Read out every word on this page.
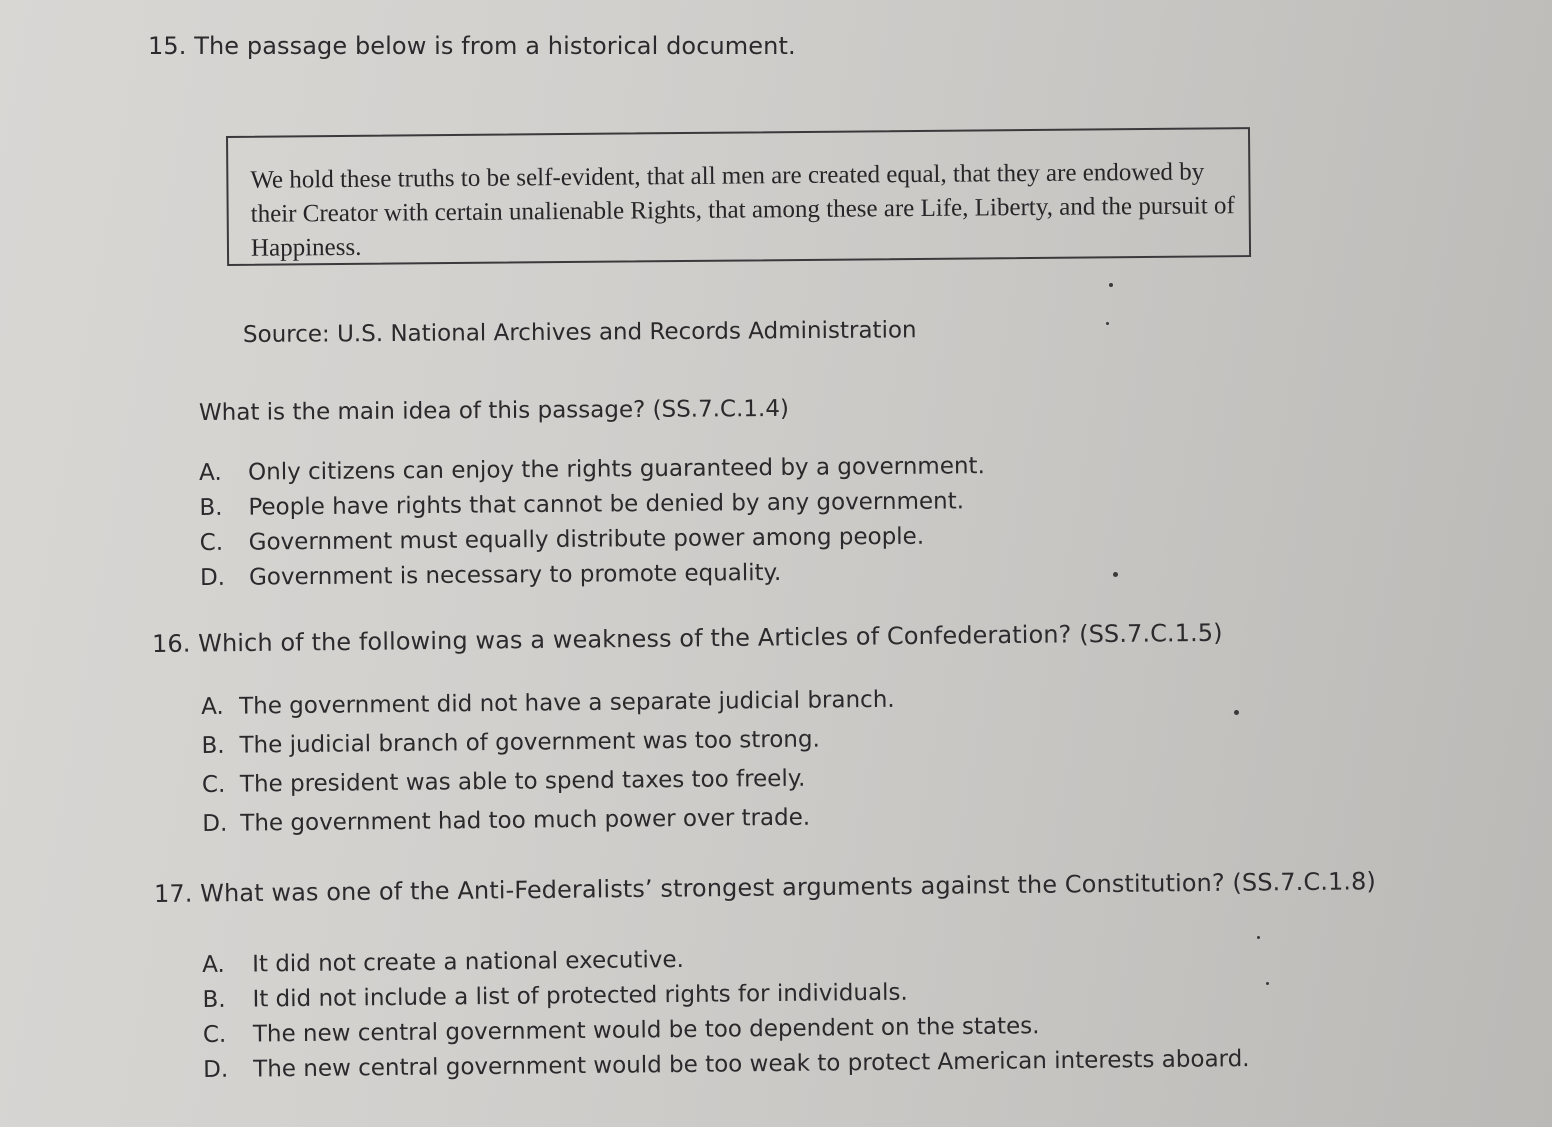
15. The passage below is from a historical document.
We hold these truths to be self-evident, that all men are created equal, that they are endowed by their Creator with certain unalienable Rights, that among these are Life, Liberty, and the pursuit of Happiness.
Source: U.S. National Archives and Records Administration
What is the main idea of this passage? (SS.7.C.1.4)
A.	Only citizens can enjoy the rights guaranteed by a government.
B.	People have rights that cannot be denied by any government.
C.	Government must equally distribute power among people.
D.	Government is necessary to promote equality.
16. Which of the following was a weakness of the Articles of Confederation? (SS.7.C.1.5)
A. The government did not have a separate judicial branch.
B. The judicial branch of government was too strong.
C. The president was able to spend taxes too freely.
D. The government had too much power over trade.
17. What was one of the Anti-Federalists’ strongest arguments against the Constitution? (SS.7.C.1.8)
A.	It did not create a national executive.
B.	It did not include a list of protected rights for individuals.
C.	The new central government would be too dependent on the states.
D.	The new central government would be too weak to protect American interests aboard.
